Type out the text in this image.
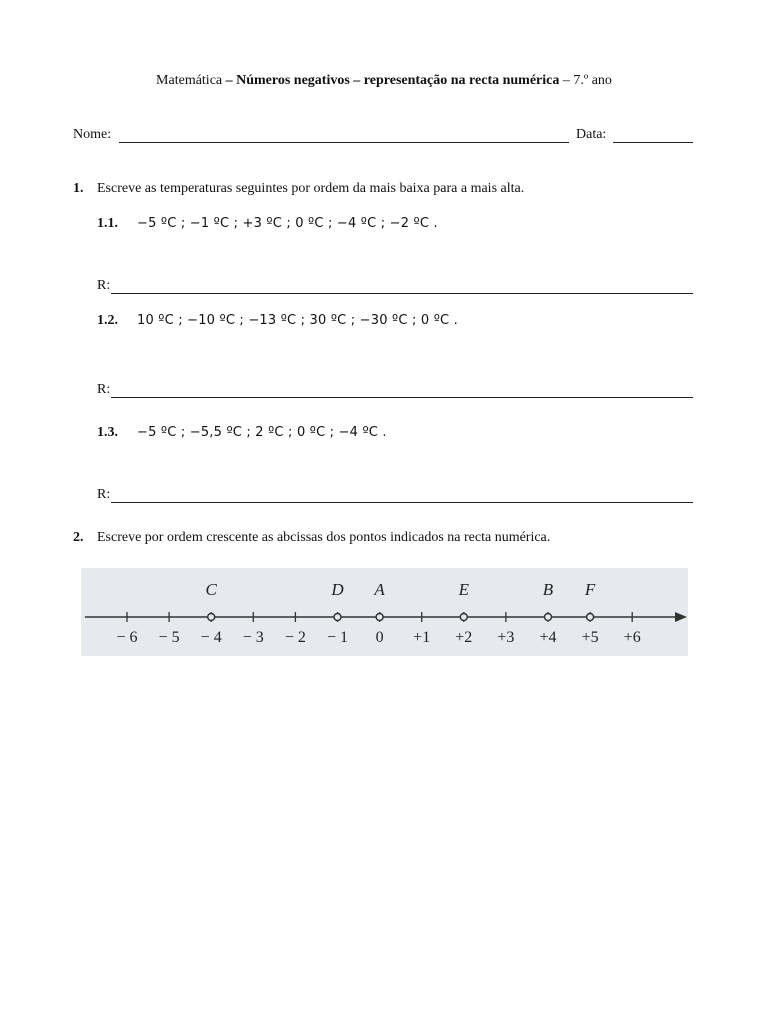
Matemática – Números negativos – representação na recta numérica – 7.º ano
Nome:	Data:
1. Escreve as temperaturas seguintes por ordem da mais baixa para a mais alta.
1.1. −5 ºC ; −1 ºC ; +3 ºC ; 0 ºC ; −4 ºC ; −2 ºC .
R:
1.2. 10 ºC ; −10 ºC ; −13 ºC ; 30 ºC ; −30 ºC ; 0 ºC .
R:
1.3. −5 ºC ; −5,5 ºC ; 2 ºC ; 0 ºC ; −4 ºC .
R:
2. Escreve por ordem crescente as abcissas dos pontos indicados na recta numérica.
− 6 − 5 − 4 − 3 − 2 − 1 0 +1 +2 +3 +4 +5 +6
C	D A	E	B F
